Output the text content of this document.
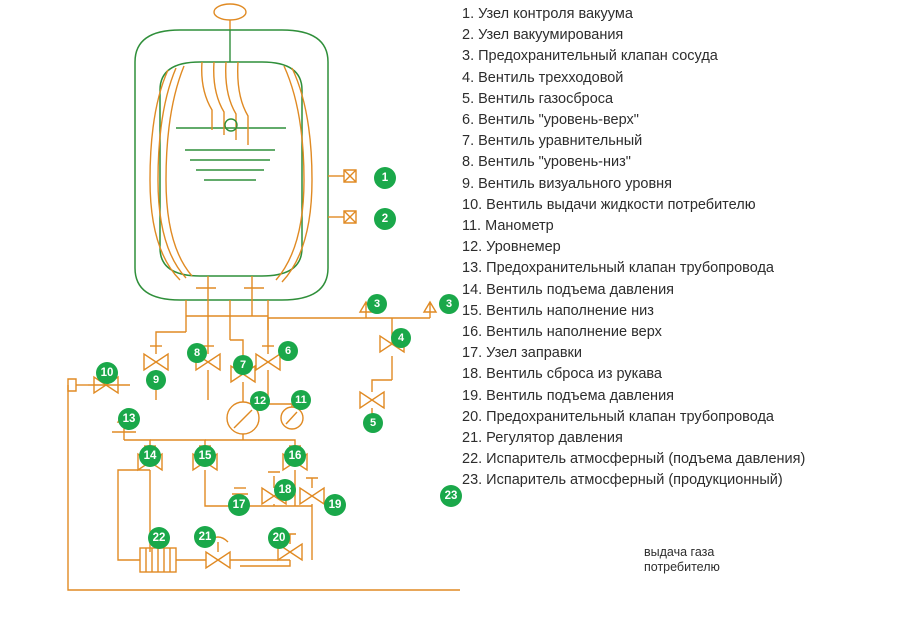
1
2
3	3
4
5
6
7
8
9
10
11
12
13
14	15	16
17
18
19
20
21
22
23
выдача газа
потребителю
1. Узел контроля вакуума
2. Узел вакуумирования
3. Предохранительный клапан сосуда
4. Вентиль трехходовой
5. Вентиль газосброса
6. Вентиль "уровень-верх"
7. Вентиль уравнительный
8. Вентиль "уровень-низ"
9. Вентиль визуального уровня
10. Вентиль выдачи жидкости потребителю
11. Манометр
12. Уровнемер
13. Предохранительный клапан трубопровода
14. Вентиль подъема давления
15. Вентиль наполнение низ
16. Вентиль наполнение верх
17. Узел заправки
18. Вентиль сброса из рукава
19. Вентиль подъема давления
20. Предохранительный клапан трубопровода
21. Регулятор давления
22. Испаритель атмосферный (подъема давления)
23. Испаритель атмосферный (продукционный)
